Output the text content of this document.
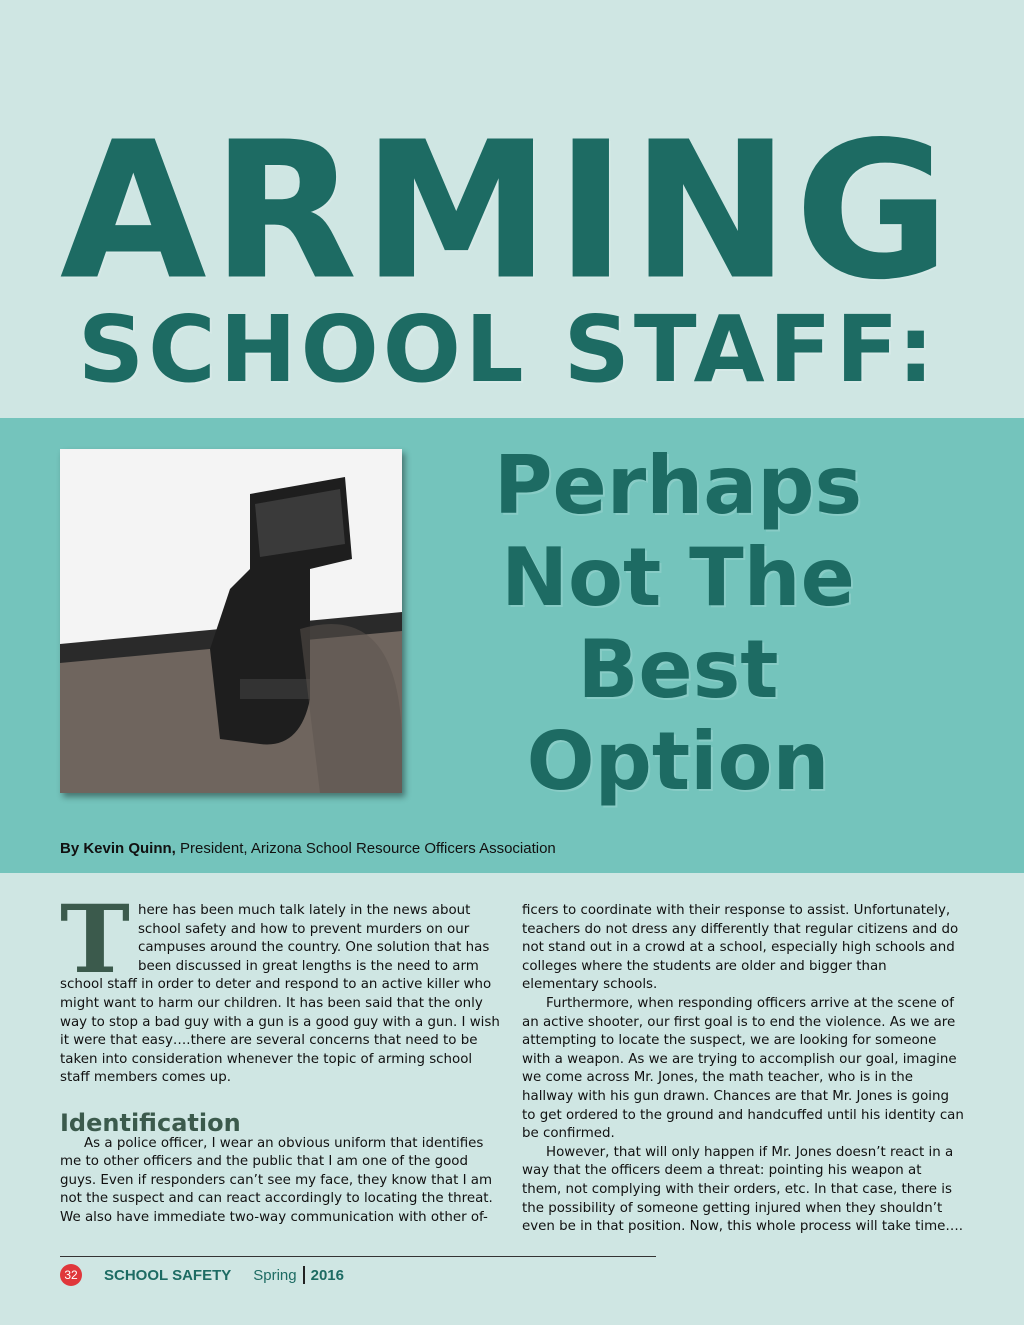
ARMING
SCHOOL STAFF:
Perhaps
Not The
Best
Option
By Kevin Quinn, President, Arizona School Resource Officers Association
T here has been much talk lately in the news about school safety and how to prevent murders on our campuses around the country. One solution that has been discussed in great lengths is the need to arm school staff in order to deter and respond to an active killer who might want to harm our children. It has been said that the only way to stop a bad guy with a gun is a good guy with a gun. I wish it were that easy….there are several concerns that need to be taken into consideration whenever the topic of arming school staff members comes up.

Identification

As a police officer, I wear an obvious uniform that identifies me to other officers and the public that I am one of the good guys. Even if responders can’t see my face, they know that I am not the suspect and can react accordingly to locating the threat. We also have immediate two-way communication with other of-

ficers to coordinate with their response to assist. Unfortunately, teachers do not dress any differently that regular citizens and do not stand out in a crowd at a school, especially high schools and colleges where the students are older and bigger than elementary schools.

Furthermore, when responding officers arrive at the scene of an active shooter, our first goal is to end the violence. As we are attempting to locate the suspect, we are looking for someone with a weapon. As we are trying to accomplish our goal, imagine we come across Mr. Jones, the math teacher, who is in the hallway with his gun drawn. Chances are that Mr. Jones is going to get ordered to the ground and handcuffed until his identity can be confirmed.

However, that will only happen if Mr. Jones doesn’t react in a way that the officers deem a threat: pointing his weapon at them, not complying with their orders, etc. In that case, there is the possibility of someone getting injured when they shouldn’t even be in that position. Now, this whole process will take time….

32 SCHOOL SAFETY Spring 2016
